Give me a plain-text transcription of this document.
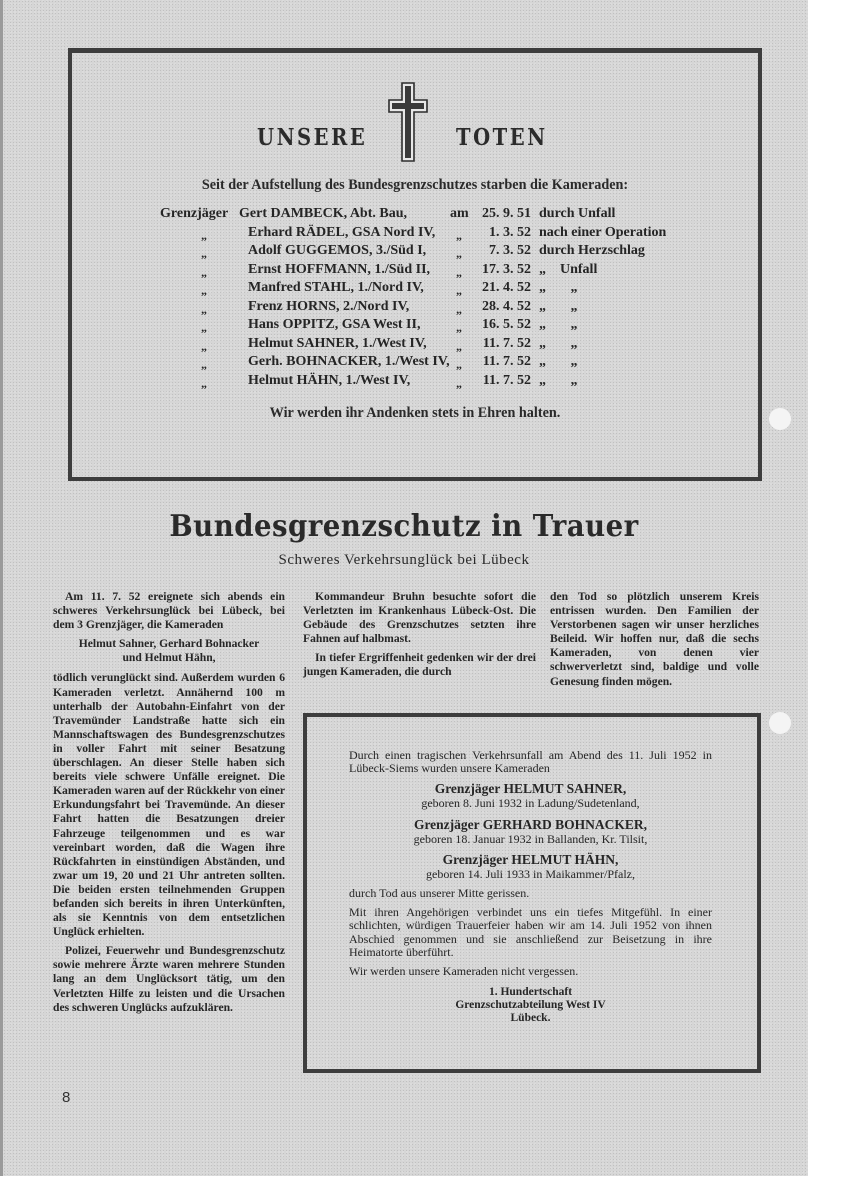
UNSERE	TOTEN
Seit der Aufstellung des Bundesgrenzschutzes starben die Kameraden:
Grenzjäger Gert DAMBECK, Abt. Bau,	am 25. 9. 51 durch Unfall
„	Erhard RÄDEL, GSA Nord IV, „	1. 3. 52 nach einer Operation
„	Adolf GUGGEMOS, 3./Süd I, „	7. 3. 52 durch Herzschlag
„	Ernst HOFFMANN, 1./Süd II, „	17. 3. 52 „    Unfall
„	Manfred STAHL, 1./Nord IV,	„	21. 4. 52 „       „
„	Frenz HORNS, 2./Nord IV,	„	28. 4. 52 „       „
„	Hans OPPITZ, GSA West II,	„	16. 5. 52 „       „
„	Helmut SAHNER, 1./West IV, „	11. 7. 52 „       „
„	Gerh. BOHNACKER, 1./West IV, „	11. 7. 52 „       „
„	Helmut HÄHN, 1./West IV,	„	11. 7. 52 „       „
Wir werden ihr Andenken stets in Ehren halten.
Bundesgrenzschutz in Trauer
Schweres Verkehrsunglück bei Lübeck

Am 11. 7. 52 ereignete sich abends ein schweres Verkehrsunglück bei Lübeck, bei dem 3 Grenzjäger, die Kameraden

Helmut Sahner, Gerhard Bohnacker
und Helmut Hähn,

tödlich verunglückt sind. Außerdem wurden 6 Kameraden verletzt. Annähernd 100 m unterhalb der Autobahn-Einfahrt von der Travemünder Landstraße hatte sich ein Mannschaftswagen des Bundesgrenzschutzes in voller Fahrt mit seiner Besatzung überschlagen. An dieser Stelle haben sich bereits viele schwere Unfälle ereignet. Die Kameraden waren auf der Rückkehr von einer Erkundungsfahrt bei Travemünde. An dieser Fahrt hatten die Besatzungen dreier Fahrzeuge teilgenommen und es war vereinbart worden, daß die Wagen ihre Rückfahrten in einstündigen Abständen, und zwar um 19, 20 und 21 Uhr antreten sollten. Die beiden ersten teilnehmenden Gruppen befanden sich bereits in ihren Unterkünften, als sie Kenntnis von dem entsetzlichen Unglück erhielten.

Polizei, Feuerwehr und Bundesgrenzschutz sowie mehrere Ärzte waren mehrere Stunden lang an dem Unglücksort tätig, um den Verletzten Hilfe zu leisten und die Ursachen des schweren Unglücks aufzuklären.

Kommandeur Bruhn besuchte sofort die Verletzten im Krankenhaus Lübeck-Ost. Die Gebäude des Grenzschutzes setzten ihre Fahnen auf halbmast.

In tiefer Ergriffenheit gedenken wir der drei jungen Kameraden, die durch

den Tod so plötzlich unserem Kreis entrissen wurden. Den Familien der Verstorbenen sagen wir unser herzliches Beileid. Wir hoffen nur, daß die sechs Kameraden, von denen vier schwerverletzt sind, baldige und volle Genesung finden mögen.

8

Durch einen tragischen Verkehrsunfall am Abend des 11. Juli 1952 in Lübeck-Siems wurden unsere Kameraden

Grenzjäger HELMUT SAHNER,
geboren 8. Juni 1932 in Ladung/Sudetenland,
Grenzjäger GERHARD BOHNACKER,
geboren 18. Januar 1932 in Ballanden, Kr. Tilsit,
Grenzjäger HELMUT HÄHN,
geboren 14. Juli 1933 in Maikammer/Pfalz,

durch Tod aus unserer Mitte gerissen.

Mit ihren Angehörigen verbindet uns ein tiefes Mitgefühl. In einer schlichten, würdigen Trauerfeier haben wir am 14. Juli 1952 von ihnen Abschied genommen und sie anschließend zur Beisetzung in ihre Heimatorte überführt.

Wir werden unsere Kameraden nicht vergessen.

1. Hundertschaft
Grenzschutzabteilung West IV
Lübeck.
